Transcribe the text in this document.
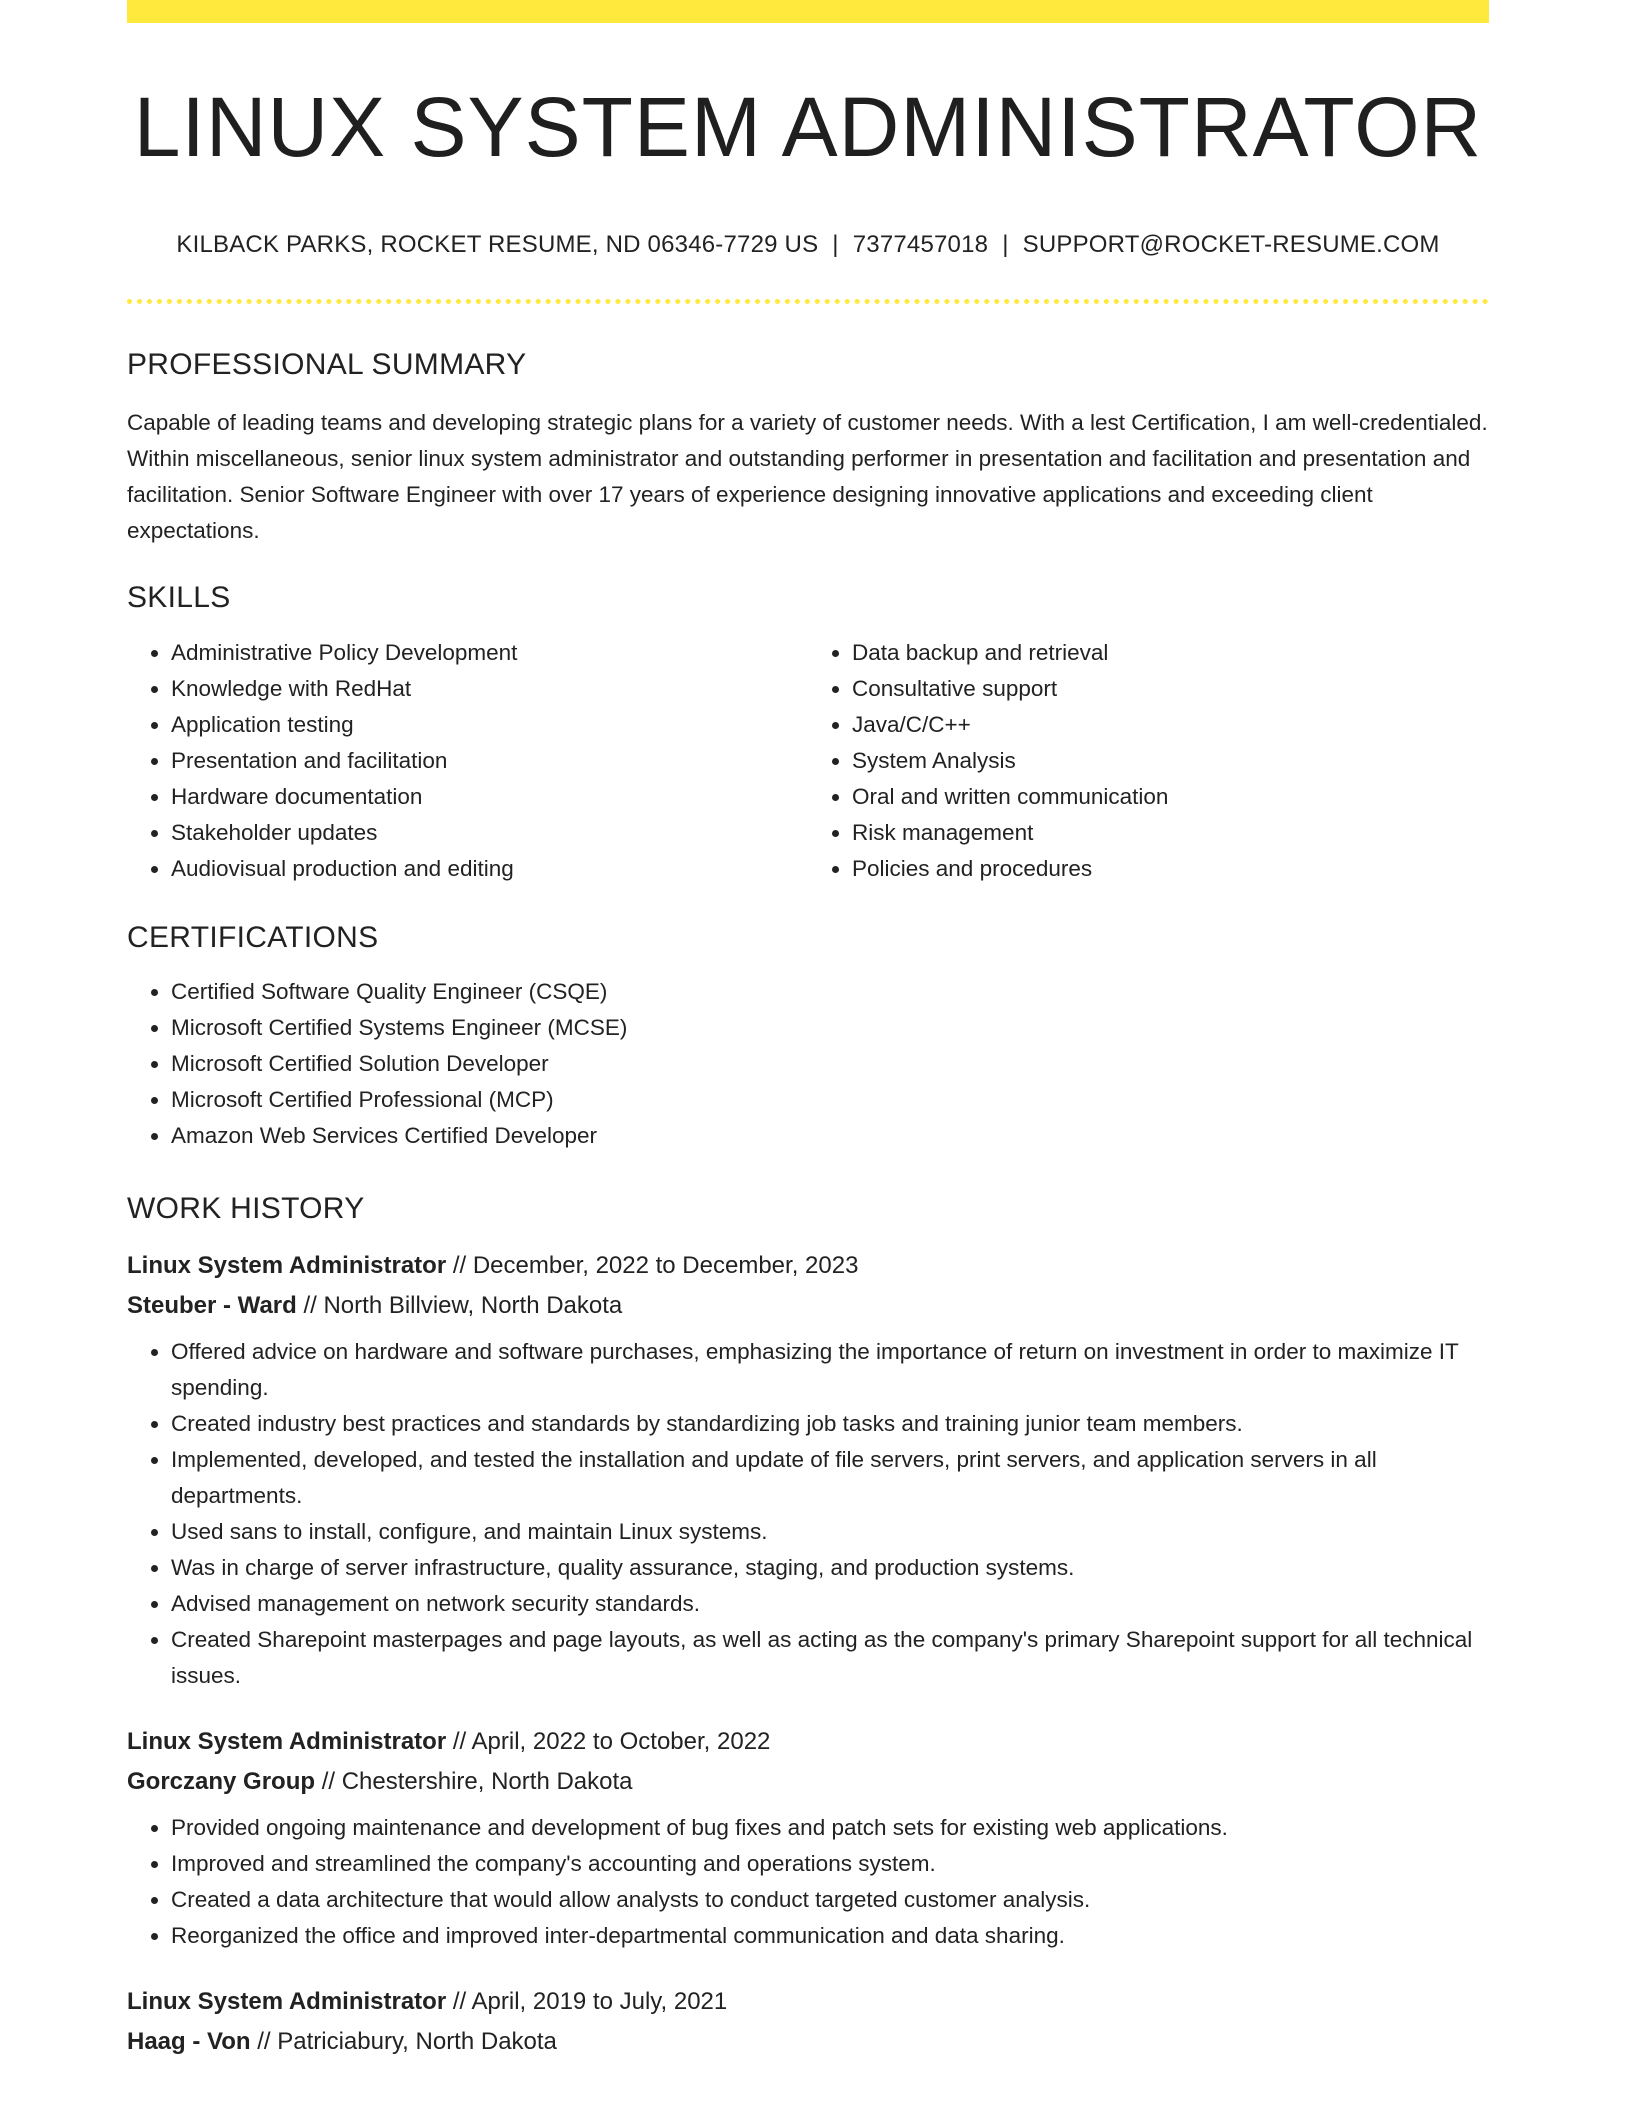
LINUX SYSTEM ADMINISTRATOR
KILBACK PARKS, ROCKET RESUME, ND 06346-7729 US | 7377457018 | SUPPORT@ROCKET-RESUME.COM
PROFESSIONAL SUMMARY
Capable of leading teams and developing strategic plans for a variety of customer needs. With a lest Certification, I am well-credentialed. Within miscellaneous, senior linux system administrator and outstanding performer in presentation and facilitation and presentation and facilitation. Senior Software Engineer with over 17 years of experience designing innovative applications and exceeding client expectations.
SKILLS
• Administrative Policy Development
• Knowledge with RedHat
• Application testing
• Presentation and facilitation
• Hardware documentation
• Stakeholder updates
• Audiovisual production and editing
• Data backup and retrieval
• Consultative support
• Java/C/C++
• System Analysis
• Oral and written communication
• Risk management
• Policies and procedures
CERTIFICATIONS
• Certified Software Quality Engineer (CSQE)
• Microsoft Certified Systems Engineer (MCSE)
• Microsoft Certified Solution Developer
• Microsoft Certified Professional (MCP)
• Amazon Web Services Certified Developer
WORK HISTORY
Linux System Administrator // December, 2022 to December, 2023
Steuber - Ward // North Billview, North Dakota
• Offered advice on hardware and software purchases, emphasizing the importance of return on investment in order to maximize IT spending.
• Created industry best practices and standards by standardizing job tasks and training junior team members.
• Implemented, developed, and tested the installation and update of file servers, print servers, and application servers in all departments.
• Used sans to install, configure, and maintain Linux systems.
• Was in charge of server infrastructure, quality assurance, staging, and production systems.
• Advised management on network security standards.
• Created Sharepoint masterpages and page layouts, as well as acting as the company's primary Sharepoint support for all technical issues.
Linux System Administrator // April, 2022 to October, 2022
Gorczany Group // Chestershire, North Dakota
• Provided ongoing maintenance and development of bug fixes and patch sets for existing web applications.
• Improved and streamlined the company's accounting and operations system.
• Created a data architecture that would allow analysts to conduct targeted customer analysis.
• Reorganized the office and improved inter-departmental communication and data sharing.
Linux System Administrator // April, 2019 to July, 2021
Haag - Von // Patriciabury, North Dakota
